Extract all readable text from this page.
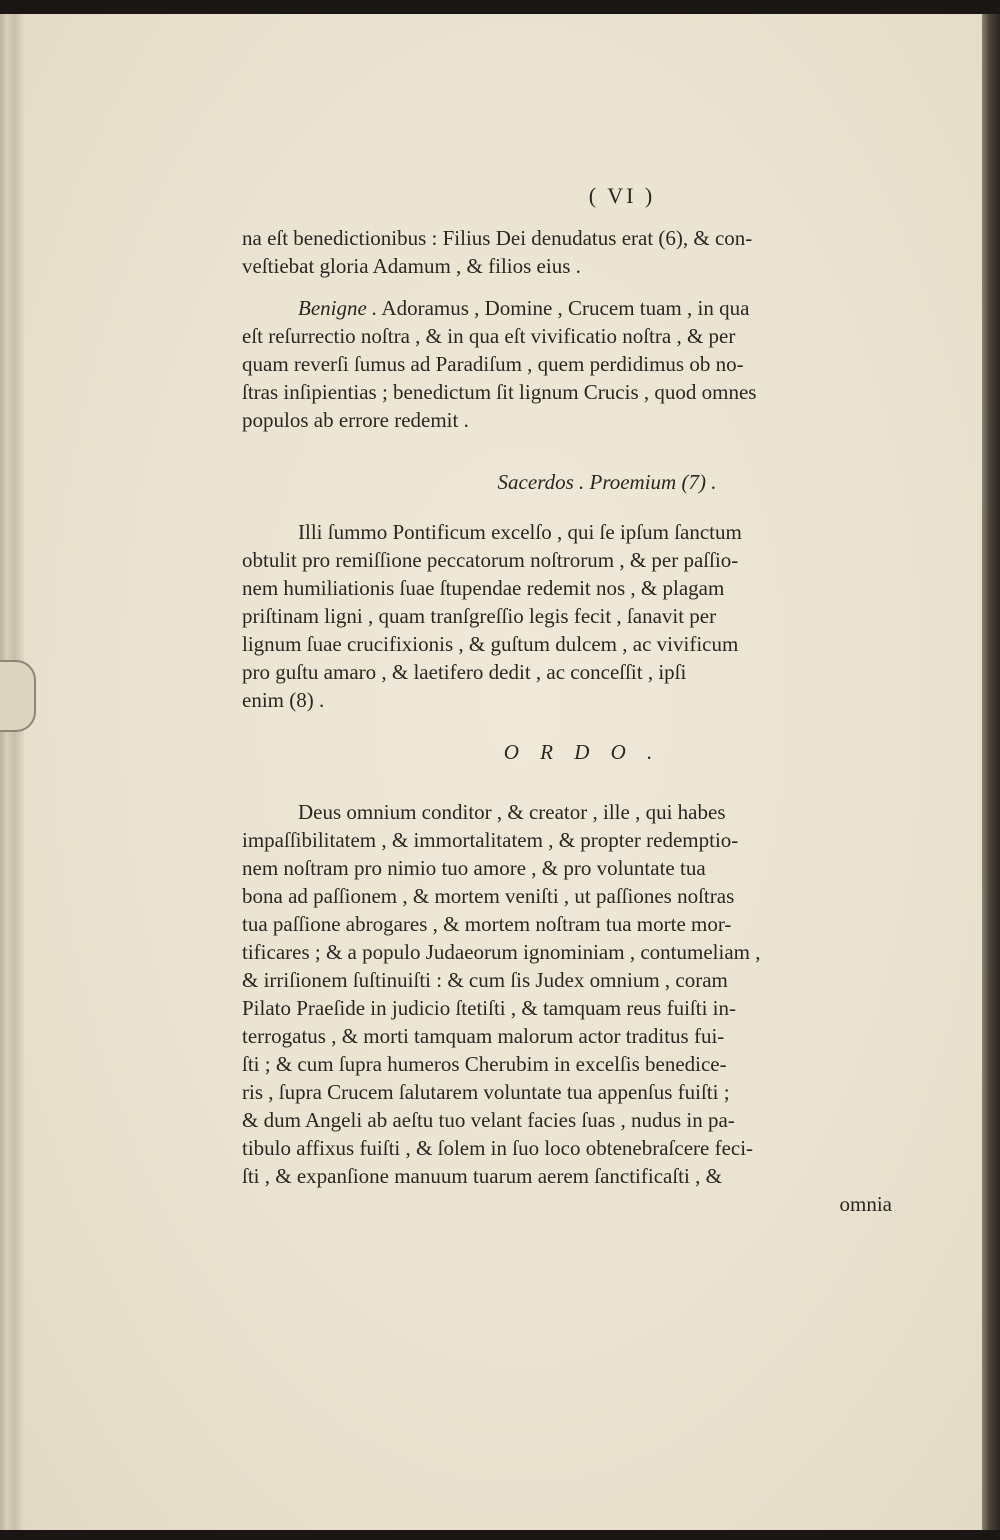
( VI )

na eſt benedictionibus : Filius Dei denudatus erat (6), & con-

veſtiebat gloria Adamum , & filios eius .

Benigne . Adoramus , Domine , Crucem tuam , in qua

eſt reſurrectio noſtra , & in qua eſt vivificatio noſtra , & per

quam reverſi ſumus ad Paradiſum , quem perdidimus ob no-

ſtras inſipientias ; benedictum ſit lignum Crucis , quod omnes

populos ab errore redemit .

Sacerdos . Proemium (7) .

Illi ſummo Pontificum excelſo , qui ſe ipſum ſanctum

obtulit pro remiſſione peccatorum noſtrorum , & per paſſio-

nem humiliationis ſuae ſtupendae redemit nos , & plagam

priſtinam ligni , quam tranſgreſſio legis fecit , ſanavit per

lignum ſuae crucifixionis , & guſtum dulcem , ac vivificum

pro guſtu amaro , & laetifero dedit , ac conceſſit , ipſi

enim (8) .

O R D O .

Deus omnium conditor , & creator , ille , qui habes

impaſſibilitatem , & immortalitatem , & propter redemptio-

nem noſtram pro nimio tuo amore , & pro voluntate tua

bona ad paſſionem , & mortem veniſti , ut paſſiones noſtras

tua paſſione abrogares , & mortem noſtram tua morte mor-

tificares ; & a populo Judaeorum ignominiam , contumeliam ,

& irriſionem ſuſtinuiſti : & cum ſis Judex omnium , coram

Pilato Praeſide in judicio ſtetiſti , & tamquam reus fuiſti in-

terrogatus , & morti tamquam malorum actor traditus fui-

ſti ; & cum ſupra humeros Cherubim in excelſis benedice-

ris , ſupra Crucem ſalutarem voluntate tua appenſus fuiſti ;

& dum Angeli ab aeſtu tuo velant facies ſuas , nudus in pa-

tibulo affixus fuiſti , & ſolem in ſuo loco obtenebraſcere feci-

ſti , & expanſione manuum tuarum aerem ſanctificaſti , &

omnia
